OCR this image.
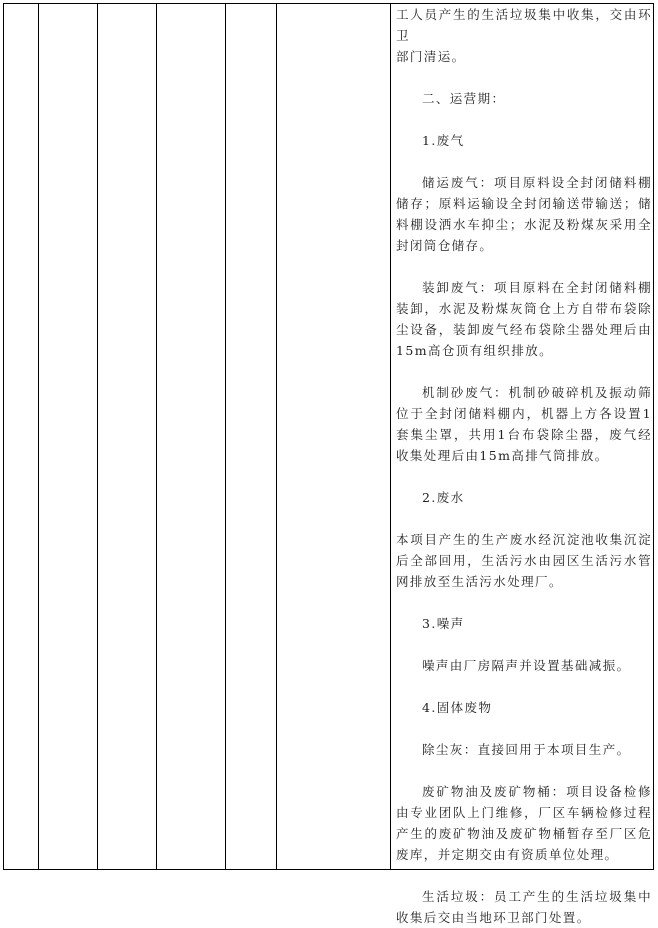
工人员产生的生活垃圾集中收集，交由环卫

部门清运。

二、运营期：

1.废气

储运废气：项目原料设全封闭储料棚储存；原料运输设全封闭输送带输送；储料棚设洒水车抑尘；水泥及粉煤灰采用全封闭筒仓储存。

装卸废气：项目原料在全封闭储料棚装卸，水泥及粉煤灰筒仓上方自带布袋除尘设备，装卸废气经布袋除尘器处理后由15m高仓顶有组织排放。

机制砂废气：机制砂破碎机及振动筛位于全封闭储料棚内，机器上方各设置1套集尘罩，共用1台布袋除尘器，废气经收集处理后由15m高排气筒排放。

2.废水

本项目产生的生产废水经沉淀池收集沉淀后全部回用，生活污水由园区生活污水管网排放至生活污水处理厂。

3.噪声

噪声由厂房隔声并设置基础减振。

4.固体废物

除尘灰：直接回用于本项目生产。

废矿物油及废矿物桶：项目设备检修由专业团队上门维修，厂区车辆检修过程产生的废矿物油及废矿物桶暂存至厂区危废库，并定期交由有资质单位处理。

生活垃圾：员工产生的生活垃圾集中收集后交由当地环卫部门处置。
